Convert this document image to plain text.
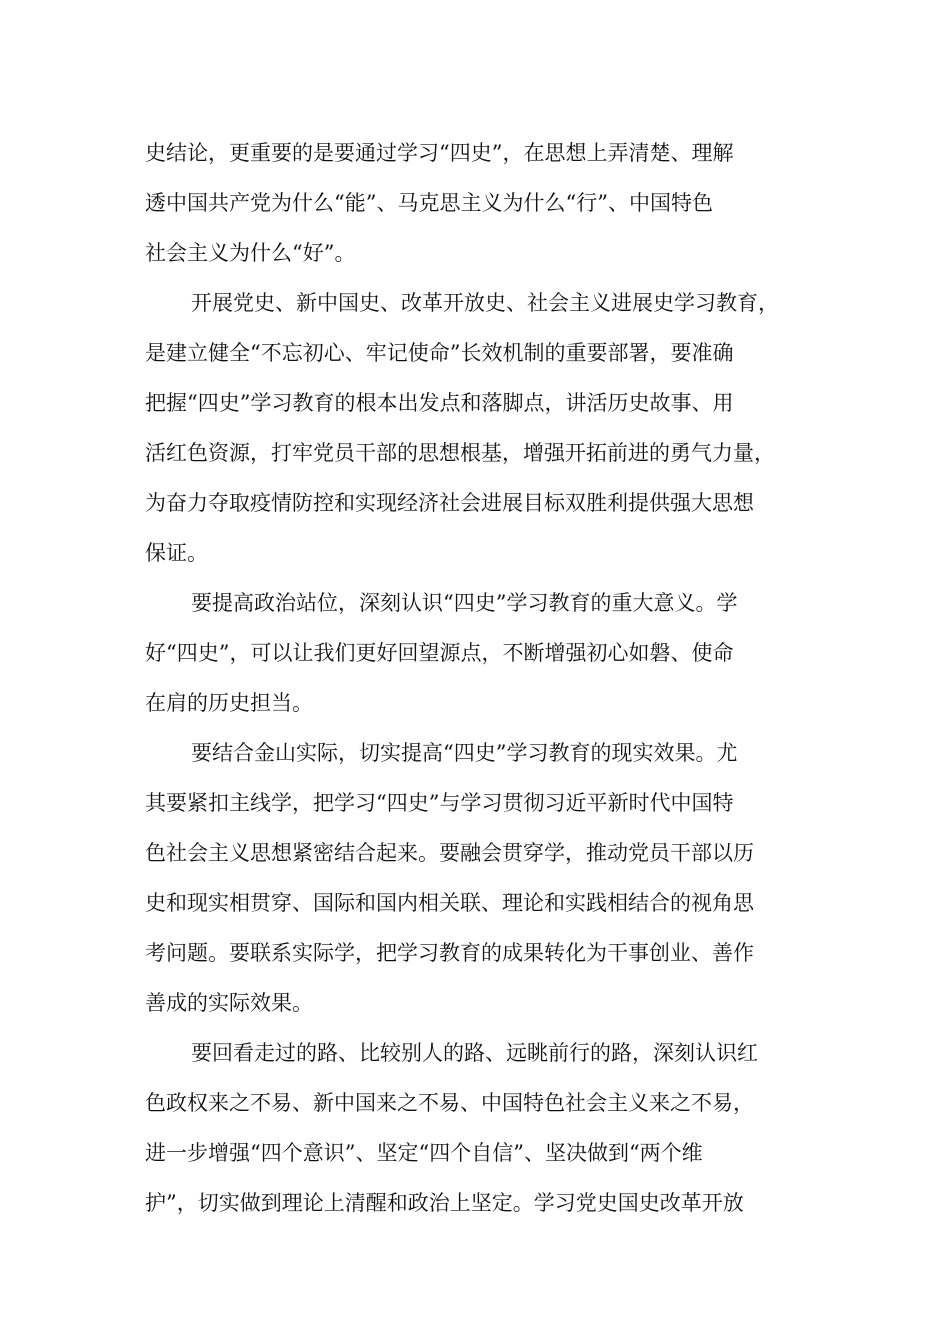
史结论，更重要的是要通过学习“四史”，在思想上弄清楚、理解
透中国共产党为什么“能”、马克思主义为什么“行”、中国特色
社会主义为什么“好”。
开展党史、新中国史、改革开放史、社会主义进展史学习教育，
是建立健全“不忘初心、牢记使命”长效机制的重要部署，要准确
把握“四史”学习教育的根本出发点和落脚点，讲活历史故事、用
活红色资源，打牢党员干部的思想根基，增强开拓前进的勇气力量，
为奋力夺取疫情防控和实现经济社会进展目标双胜利提供强大思想
保证。
要提高政治站位，深刻认识“四史”学习教育的重大意义。学
好“四史”，可以让我们更好回望源点，不断增强初心如磐、使命
在肩的历史担当。
要结合金山实际，切实提高“四史”学习教育的现实效果。尤
其要紧扣主线学，把学习“四史”与学习贯彻习近平新时代中国特
色社会主义思想紧密结合起来。要融会贯穿学，推动党员干部以历
史和现实相贯穿、国际和国内相关联、理论和实践相结合的视角思
考问题。要联系实际学，把学习教育的成果转化为干事创业、善作
善成的实际效果。
要回看走过的路、比较别人的路、远眺前行的路，深刻认识红
色政权来之不易、新中国来之不易、中国特色社会主义来之不易，
进一步增强“四个意识”、坚定“四个自信”、坚决做到“两个维
护”，切实做到理论上清醒和政治上坚定。学习党史国史改革开放
